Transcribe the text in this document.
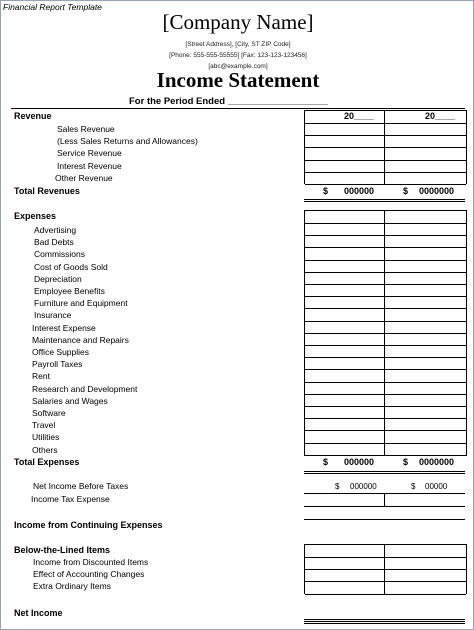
Financial Report Template
[Company Name]
[Street Address], [City, ST ZIP Code]
[Phone: 555-555-55555] [Fax: 123-123-123456]
[abc@example.com]
Income Statement
For the Period Ended ___________________
Revenue	20____	20____
Sales Revenue
(Less Sales Returns and Allowances)
Service Revenue
Interest Revenue
Other Revenue
Total Revenues	$ 000000	$ 0000000
Expenses
Advertising
Bad Debts
Commissions
Cost of Goods Sold
Depreciation
Employee Benefits
Furniture and Equipment
Insurance
Interest Expense
Maintenance and Repairs
Office Supplies
Payroll Taxes
Rent
Research and Development
Salaries and Wages
Software
Travel
Utilities
Others
Total Expenses	$ 000000	$ 0000000
Net Income Before Taxes	$ 000000	$ 00000
Income Tax Expense
Income from Continuing Expenses
Below-the-Lined Items
Income from Discounted Items
Effect of Accounting Changes
Extra Ordinary Items
Net Income
